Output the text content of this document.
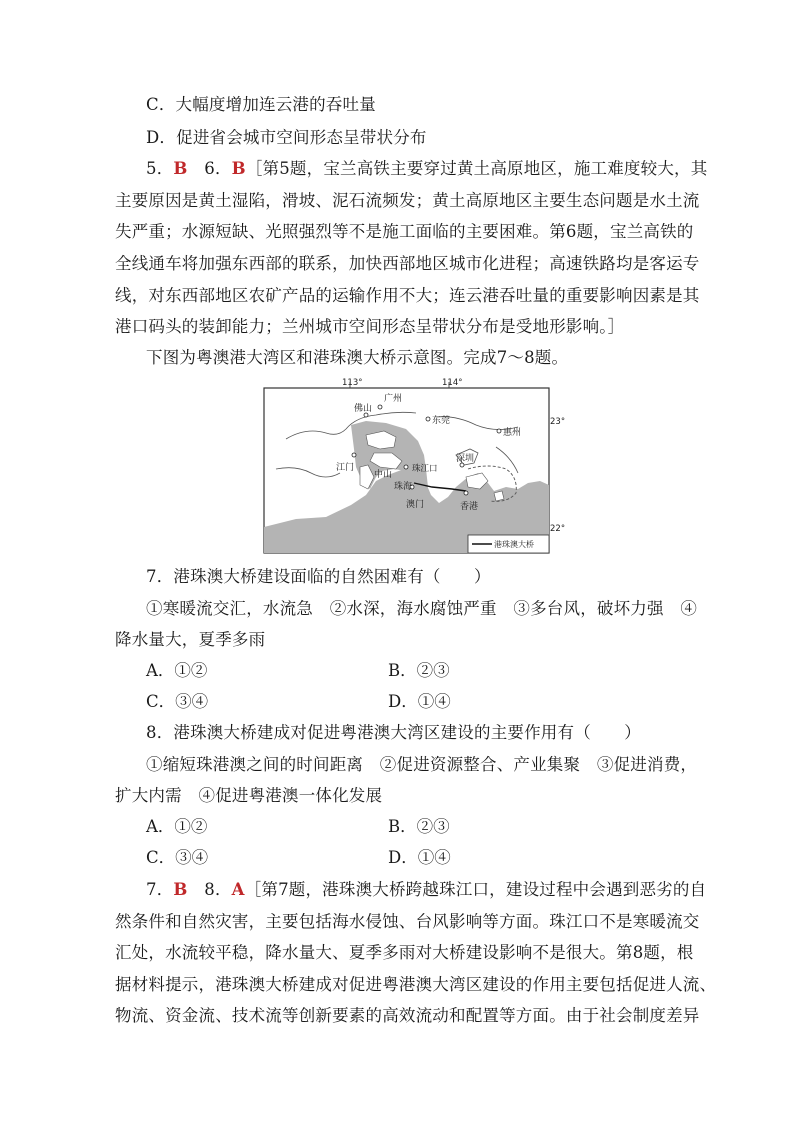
C．大幅度增加连云港的吞吐量
D．促进省会城市空间形态呈带状分布
5．B　6．B［第5题，宝兰高铁主要穿过黄土高原地区，施工难度较大，其
主要原因是黄土湿陷，滑坡、泥石流频发；黄土高原地区主要生态问题是水土流
失严重；水源短缺、光照强烈等不是施工面临的主要困难。第6题，宝兰高铁的
全线通车将加强东西部的联系，加快西部地区城市化进程；高速铁路均是客运专
线，对东西部地区农矿产品的运输作用不大；连云港吞吐量的重要影响因素是其
港口码头的装卸能力；兰州城市空间形态呈带状分布是受地形影响。］
下图为粤澳港大湾区和港珠澳大桥示意图。完成7～8题。
113°	114°
23°
22°
广州
佛山
东莞
惠州
深圳
江门
中山
珠江口
珠海
澳门	香港
港珠澳大桥
7．港珠澳大桥建设面临的自然困难有（　　）
①寒暖流交汇，水流急　②水深，海水腐蚀严重　③多台风，破坏力强　④
降水量大，夏季多雨
A．①②	B．②③
C．③④	D．①④
8．港珠澳大桥建成对促进粤港澳大湾区建设的主要作用有（　　）
①缩短珠港澳之间的时间距离　②促进资源整合、产业集聚　③促进消费，
扩大内需　④促进粤港澳一体化发展
A．①②	B．②③
C．③④	D．①④
7．B　8．A［第7题，港珠澳大桥跨越珠江口，建设过程中会遇到恶劣的自
然条件和自然灾害，主要包括海水侵蚀、台风影响等方面。珠江口不是寒暖流交
汇处，水流较平稳，降水量大、夏季多雨对大桥建设影响不是很大。第8题，根
据材料提示，港珠澳大桥建成对促进粤港澳大湾区建设的作用主要包括促进人流、
物流、资金流、技术流等创新要素的高效流动和配置等方面。由于社会制度差异
